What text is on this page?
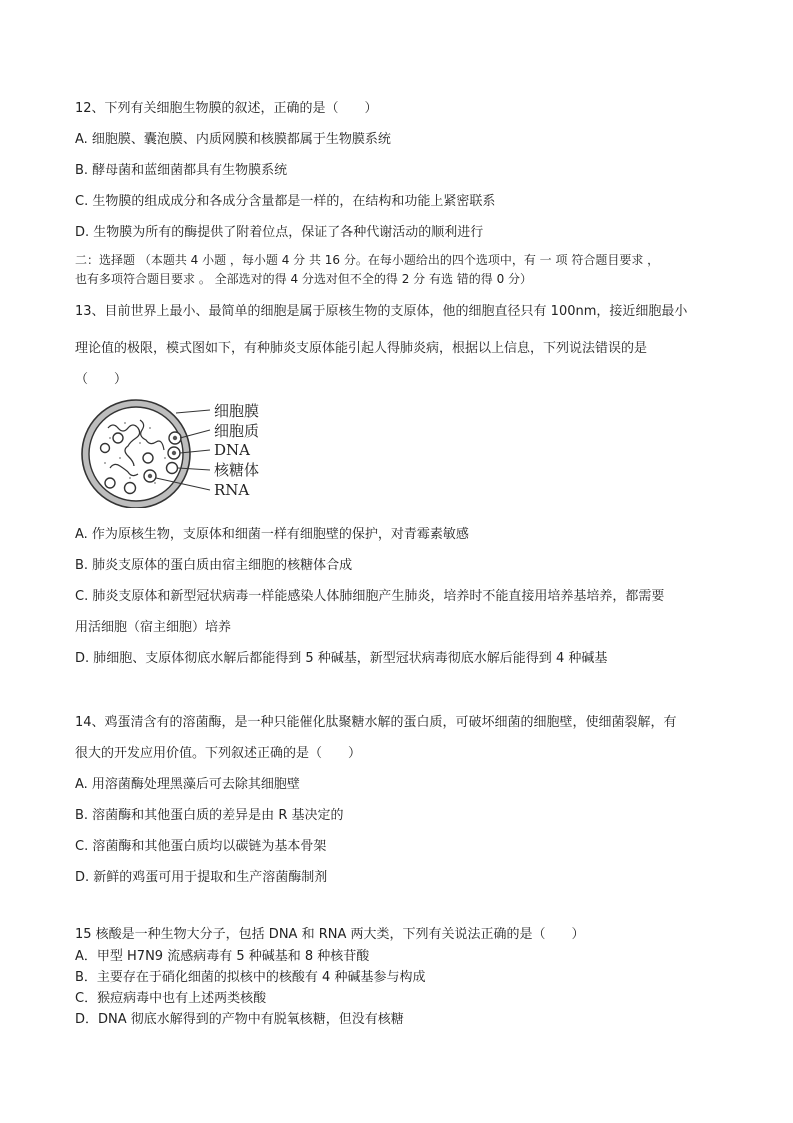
12、下列有关细胞生物膜的叙述，正确的是（　　）
A. 细胞膜、囊泡膜、内质网膜和核膜都属于生物膜系统
B. 酵母菌和蓝细菌都具有生物膜系统
C. 生物膜的组成成分和各成分含量都是一样的，在结构和功能上紧密联系
D. 生物膜为所有的酶提供了附着位点，保证了各种代谢活动的顺利进行
二：选择题 （本题共 4 小题 ，每小题 4 分 共 16 分。在每小题给出的四个选项中，有 一 项 符合题目要求 ，
也有多项符合题目要求 。 全部选对的得 4 分选对但不全的得 2 分 有选 错的得 0 分）
13、目前世界上最小、最简单的细胞是属于原核生物的支原体，他的细胞直径只有 100nm，接近细胞最小
理论值的极限，模式图如下，有种肺炎支原体能引起人得肺炎病，根据以上信息，下列说法错误的是
（　　）
细胞膜
细胞质
DNA
核糖体
RNA
A. 作为原核生物，支原体和细菌一样有细胞壁的保护，对青霉素敏感
B. 肺炎支原体的蛋白质由宿主细胞的核糖体合成
C. 肺炎支原体和新型冠状病毒一样能感染人体肺细胞产生肺炎，培养时不能直接用培养基培养，都需要
用活细胞（宿主细胞）培养
D. 肺细胞、支原体彻底水解后都能得到 5 种碱基，新型冠状病毒彻底水解后能得到 4 种碱基
14、鸡蛋清含有的溶菌酶，是一种只能催化肽聚糖水解的蛋白质，可破坏细菌的细胞壁，使细菌裂解，有
很大的开发应用价值。下列叙述正确的是（　　）
A. 用溶菌酶处理黑藻后可去除其细胞壁
B. 溶菌酶和其他蛋白质的差异是由 R 基决定的
C. 溶菌酶和其他蛋白质均以碳链为基本骨架
D. 新鲜的鸡蛋可用于提取和生产溶菌酶制剂
15 核酸是一种生物大分子，包括 DNA 和 RNA 两大类，下列有关说法正确的是（　　）
A．甲型 H7N9 流感病毒有 5 种碱基和 8 种核苷酸
B．主要存在于硝化细菌的拟核中的核酸有 4 种碱基参与构成
C．猴痘病毒中也有上述两类核酸
D．DNA 彻底水解得到的产物中有脱氧核糖，但没有核糖
